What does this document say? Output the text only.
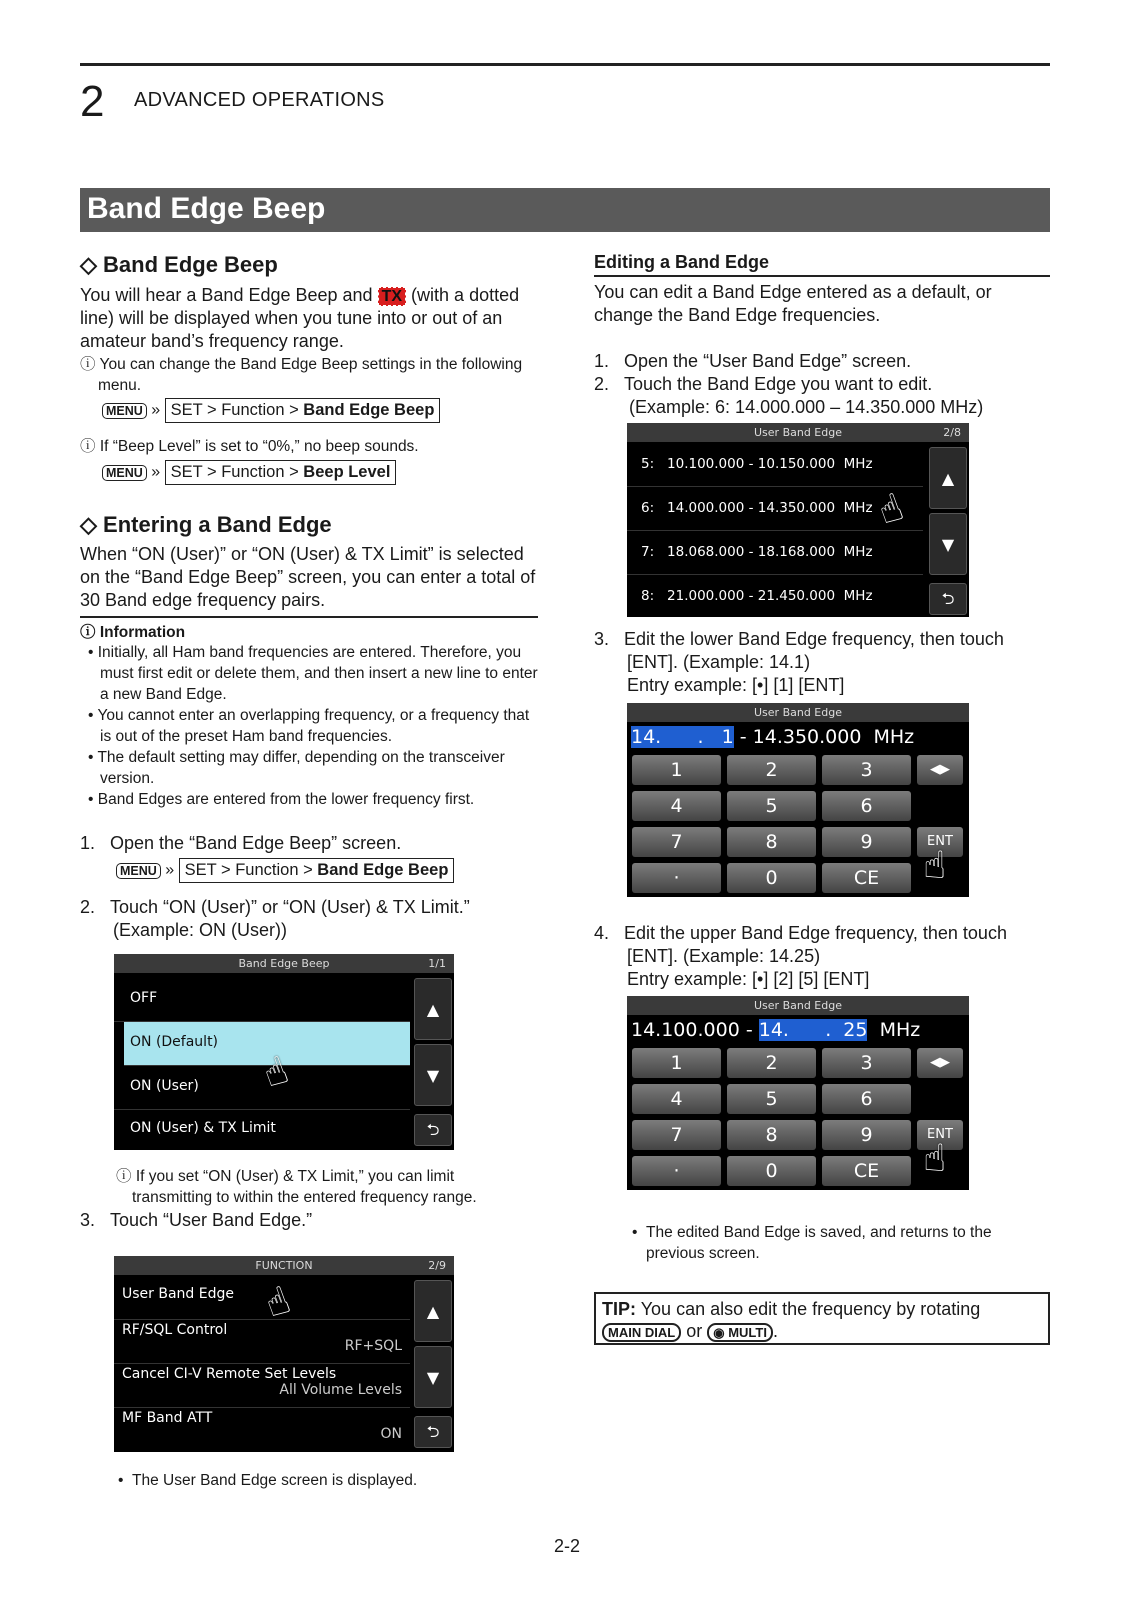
2 ADVANCED OPERATIONS
Band Edge Beep
◇ Band Edge Beep
You will hear a Band Edge Beep and TX (with a dotted line) will be displayed when you tune into or out of an amateur band’s frequency range.
ⓘ You can change the Band Edge Beep settings in the following menu.
MENU » SET > Function > Band Edge Beep
ⓘ If “Beep Level” is set to “0%,” no beep sounds.
MENU » SET > Function > Beep Level
◇ Entering a Band Edge
When “ON (User)” or “ON (User) & TX Limit” is selected on the “Band Edge Beep” screen, you can enter a total of 30 Band edge frequency pairs.
ⓘ Information
• Initially, all Ham band frequencies are entered. Therefore, you must first edit or delete them, and then insert a new line to enter a new Band Edge.
• You cannot enter an overlapping frequency, or a frequency that is out of the preset Ham band frequencies.
• The default setting may differ, depending on the transceiver version.
• Band Edges are entered from the lower frequency first.
1.   Open the “Band Edge Beep” screen.
MENU » SET > Function > Band Edge Beep
2.   Touch “ON (User)” or “ON (User) & TX Limit.” (Example: ON (User))
Band Edge Beep	1/1
OFF
ON (Default)
ON (User)
ON (User) & TX Limit
▲
▼
⮌
☝
ⓘ If you set “ON (User) & TX Limit,” you can limit transmitting to within the entered frequency range.
3.   Touch “User Band Edge.”
FUNCTION	2/9
User Band Edge
RF/SQL Control
RF+SQL
Cancel CI-V Remote Set Levels
All Volume Levels
MF Band ATT
ON
▲
▼
⮌
☝
•  The User Band Edge screen is displayed.
Editing a Band Edge
You can edit a Band Edge entered as a default, or change the Band Edge frequencies.
1.   Open the “User Band Edge” screen.
2.   Touch the Band Edge you want to edit.
(Example: 6: 14.000.000 – 14.350.000 MHz)
User Band Edge	2/8
5:   10.100.000 - 10.150.000  MHz
6:   14.000.000 - 14.350.000  MHz
7:   18.068.000 - 18.168.000  MHz
8:   21.000.000 - 21.450.000  MHz
▲
▼
⮌
☝
3.   Edit the lower Band Edge frequency, then touch [ENT]. (Example: 14.1)
Entry example: [•] [1] [ENT]
User Band Edge
14.      .   1 - 14.350.000  MHz
1	2	3	◀▶
4	5	6
7	8	9	ENT
·	0	CE	☝
4.   Edit the upper Band Edge frequency, then touch [ENT]. (Example: 14.25)
Entry example: [•] [2] [5] [ENT]
User Band Edge
14.100.000 - 14.      .  25  MHz
1	2	3	◀▶
4	5	6
7	8	9	ENT
·	0	CE	☝
•  The edited Band Edge is saved, and returns to the previous screen.
TIP: You can also edit the frequency by rotating
MAIN DIAL or ◉ MULTI .
2-2
